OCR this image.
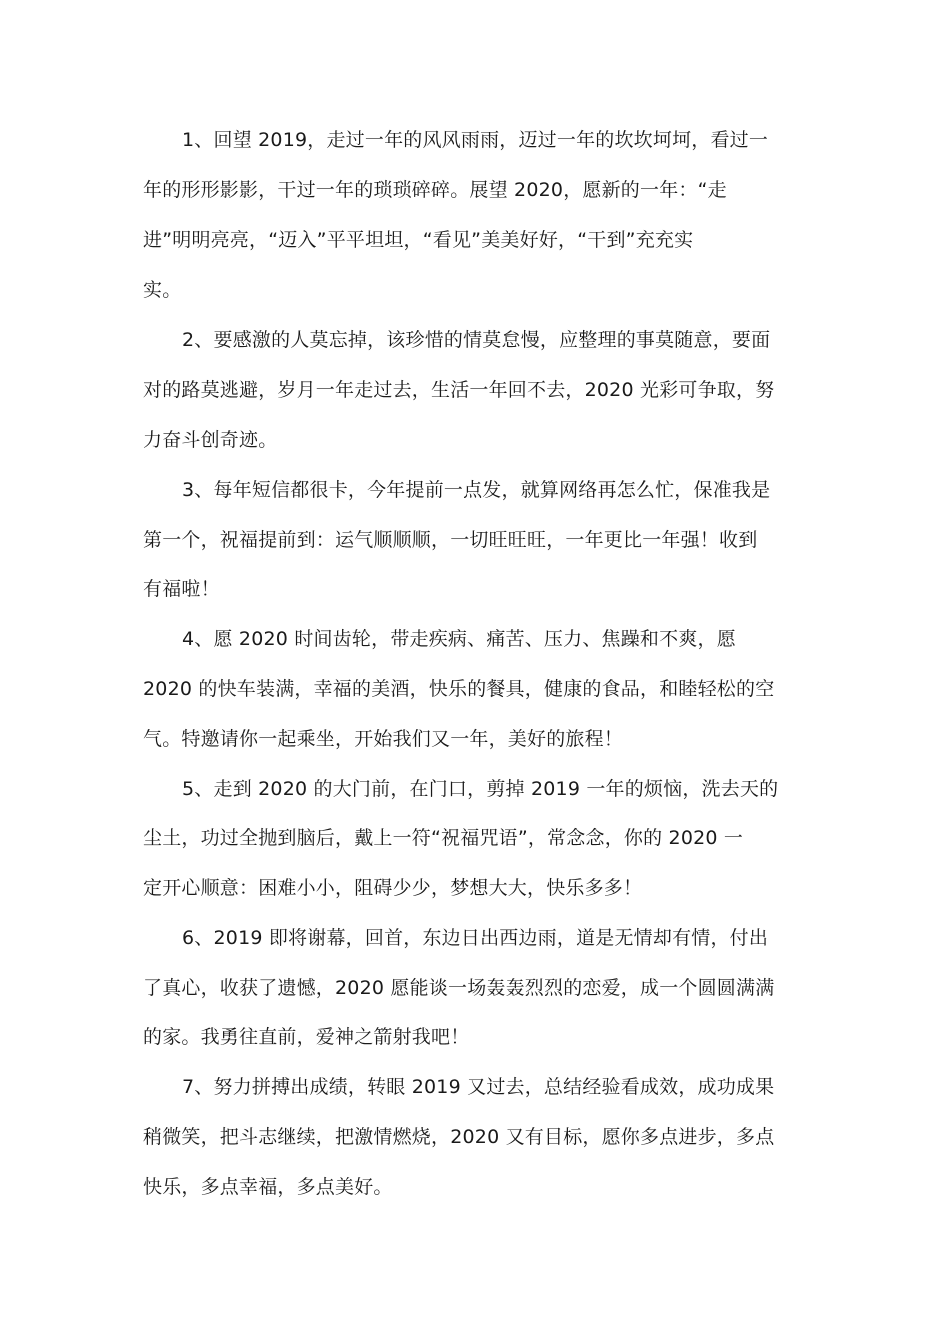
1、回望 2019，走过一年的风风雨雨，迈过一年的坎坎坷坷，看过一
年的形形影影，干过一年的琐琐碎碎。展望 2020，愿新的一年：“走
进”明明亮亮，“迈入”平平坦坦，“看见”美美好好，“干到”充充实
实。
2、要感激的人莫忘掉，该珍惜的情莫怠慢，应整理的事莫随意，要面
对的路莫逃避，岁月一年走过去，生活一年回不去，2020 光彩可争取，努
力奋斗创奇迹。
3、每年短信都很卡，今年提前一点发，就算网络再怎么忙，保准我是
第一个，祝福提前到：运气顺顺顺，一切旺旺旺，一年更比一年强！收到
有福啦！
4、愿 2020 时间齿轮，带走疾病、痛苦、压力、焦躁和不爽，愿
2020 的快车装满，幸福的美酒，快乐的餐具，健康的食品，和睦轻松的空
气。特邀请你一起乘坐，开始我们又一年，美好的旅程！
5、走到 2020 的大门前，在门口，剪掉 2019 一年的烦恼，洗去天的
尘土，功过全抛到脑后，戴上一符“祝福咒语”，常念念，你的 2020 一
定开心顺意：困难小小，阻碍少少，梦想大大，快乐多多！
6、2019 即将谢幕，回首，东边日出西边雨，道是无情却有情，付出
了真心，收获了遗憾，2020 愿能谈一场轰轰烈烈的恋爱，成一个圆圆满满
的家。我勇往直前，爱神之箭射我吧！
7、努力拼搏出成绩，转眼 2019 又过去，总结经验看成效，成功成果
稍微笑，把斗志继续，把激情燃烧，2020 又有目标，愿你多点进步，多点
快乐，多点幸福，多点美好。
